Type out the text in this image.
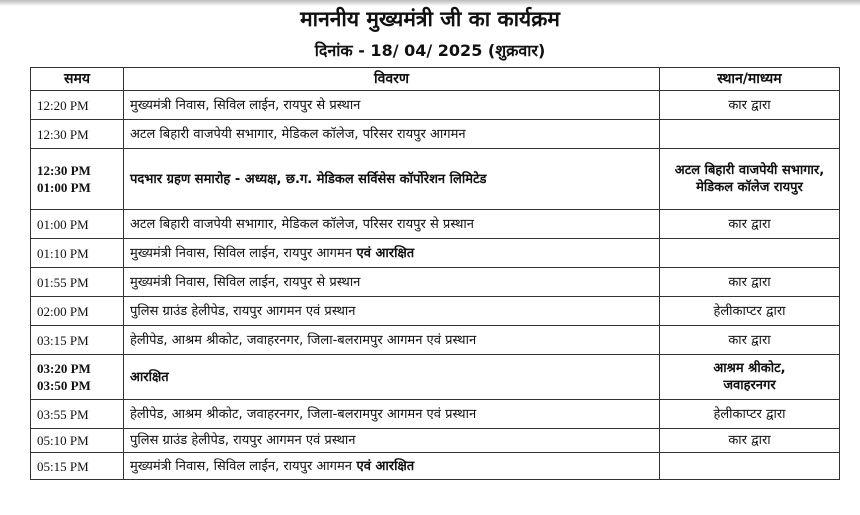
माननीय मुख्यमंत्री जी का कार्यक्रम
दिनांक - 18/ 04/ 2025 (शुक्रवार)
समय	विवरण	स्थान/माध्यम
12:20 PM	मुख्यमंत्री निवास, सिविल लाईन, रायपुर से प्रस्थान	कार द्वारा
12:30 PM	अटल बिहारी वाजपेयी सभागार, मेडिकल कॉलेज, परिसर रायपुर आगमन	

12:30 PM
01:00 PM	पदभार ग्रहण समारोह - अध्यक्ष, छ.ग. मेडिकल सर्विसेस कॉर्पोरेशन लिमिटेड	अटल बिहारी वाजपेयी सभागार, मेडिकल कॉलेज रायपुर
01:00 PM	अटल बिहारी वाजपेयी सभागार, मेडिकल कॉलेज, परिसर रायपुर से प्रस्थान	कार द्वारा
01:10 PM	मुख्यमंत्री निवास, सिविल लाईन, रायपुर आगमन एवं आरक्षित	
01:55 PM	मुख्यमंत्री निवास, सिविल लाईन, रायपुर से प्रस्थान	कार द्वारा
02:00 PM	पुलिस ग्राउंड हेलीपेड, रायपुर आगमन एवं प्रस्थान	हेलीकाप्टर द्वारा
03:15 PM	हेलीपेड, आश्रम श्रीकोट, जवाहरनगर, जिला-बलरामपुर आगमन एवं प्रस्थान	कार द्वारा

03:20 PM
03:50 PM	आरक्षित	आश्रम श्रीकोट,
जवाहरनगर

03:55 PM	हेलीपेड, आश्रम श्रीकोट, जवाहरनगर, जिला-बलरामपुर आगमन एवं प्रस्थान	हेलीकाप्टर द्वारा
05:10 PM	पुलिस ग्राउंड हेलीपेड, रायपुर आगमन एवं प्रस्थान	कार द्वारा
05:15 PM	मुख्यमंत्री निवास, सिविल लाईन, रायपुर आगमन एवं आरक्षित	
